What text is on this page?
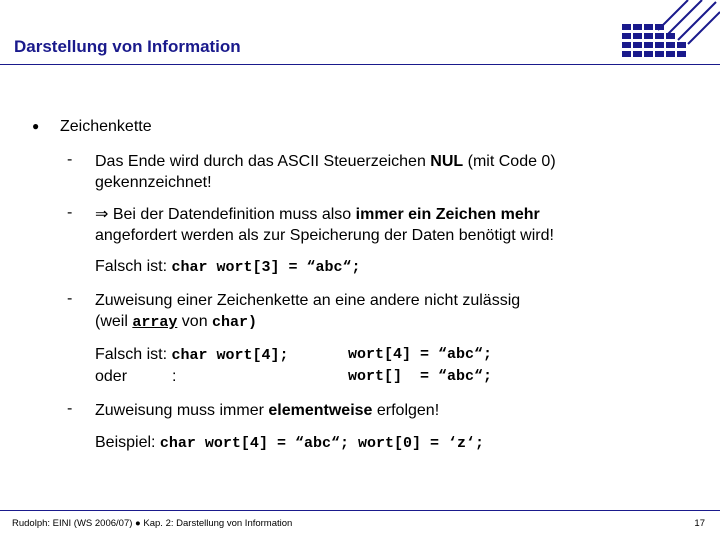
Darstellung von Information
● Zeichenkette
- Das Ende wird durch das ASCII Steuerzeichen NUL (mit Code 0)
gekennzeichnet!
- ⇒ Bei der Datendefinition muss also immer ein Zeichen mehr
angefordert werden als zur Speicherung der Daten benötigt wird!
Falsch ist: char wort[3] = “abc“;
- Zuweisung einer Zeichenkette an eine andere nicht zulässig
(weil array von char)
Falsch ist: char wort[4];	wort[4] = “abc“;
oder	:	wort[]  = “abc“;
- Zuweisung muss immer elementweise erfolgen!
Beispiel: char wort[4] = “abc“; wort[0] = ‘z‘;
Rudolph: EINI (WS 2006/07) ● Kap. 2: Darstellung von Information	17
